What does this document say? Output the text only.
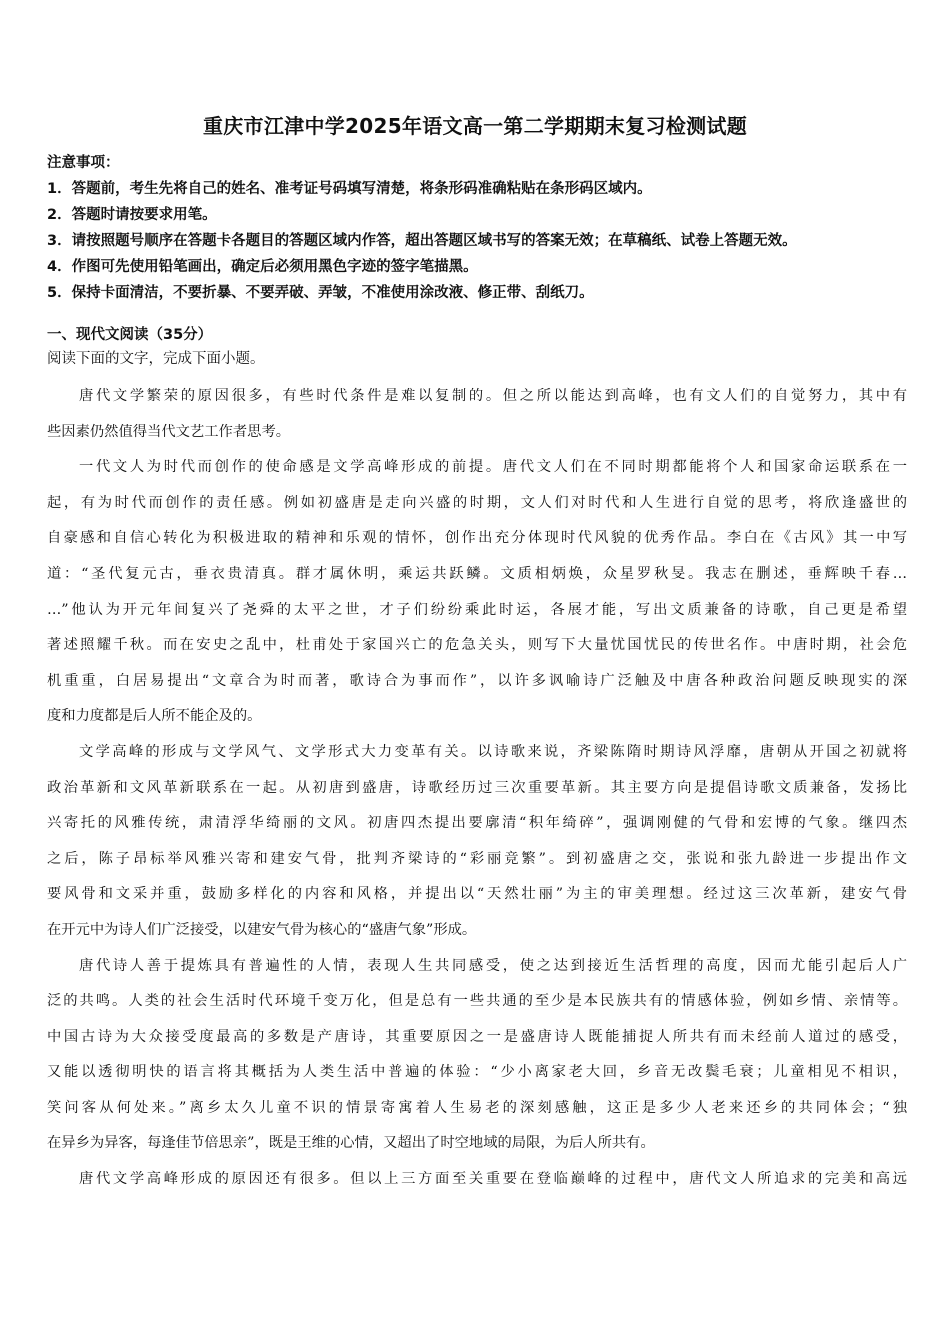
重庆市江津中学2025年语文高一第二学期期末复习检测试题
注意事项：
1．答题前，考生先将自己的姓名、准考证号码填写清楚，将条形码准确粘贴在条形码区域内。
2．答题时请按要求用笔。
3．请按照题号顺序在答题卡各题目的答题区域内作答，超出答题区域书写的答案无效；在草稿纸、试卷上答题无效。
4．作图可先使用铅笔画出，确定后必须用黑色字迹的签字笔描黑。
5．保持卡面清洁，不要折暴、不要弄破、弄皱，不准使用涂改液、修正带、刮纸刀。
一、现代文阅读（35分）
阅读下面的文字，完成下面小题。
唐代文学繁荣的原因很多，有些时代条件是难以复制的。但之所以能达到高峰，也有文人们的自觉努力，其中有
些因素仍然值得当代文艺工作者思考。
一代文人为时代而创作的使命感是文学高峰形成的前提。唐代文人们在不同时期都能将个人和国家命运联系在一
起，有为时代而创作的责任感。例如初盛唐是走向兴盛的时期，文人们对时代和人生进行自觉的思考，将欣逢盛世的
自豪感和自信心转化为积极进取的精神和乐观的情怀，创作出充分体现时代风貌的优秀作品。李白在《古风》其一中写
道：“圣代复元古，垂衣贵清真。群才属休明，乘运共跃鳞。文质相炳焕，众星罗秋旻。我志在删述，垂辉映千春…
…”他认为开元年间复兴了尧舜的太平之世，才子们纷纷乘此时运，各展才能，写出文质兼备的诗歌，自己更是希望
著述照耀千秋。而在安史之乱中，杜甫处于家国兴亡的危急关头，则写下大量忧国忧民的传世名作。中唐时期，社会危
机重重，白居易提出“文章合为时而著，歌诗合为事而作”，以许多讽喻诗广泛触及中唐各种政治问题反映现实的深
度和力度都是后人所不能企及的。
文学高峰的形成与文学风气、文学形式大力变革有关。以诗歌来说，齐梁陈隋时期诗风浮靡，唐朝从开国之初就将
政治革新和文风革新联系在一起。从初唐到盛唐，诗歌经历过三次重要革新。其主要方向是提倡诗歌文质兼备，发扬比
兴寄托的风雅传统，肃清浮华绮丽的文风。初唐四杰提出要廓清“积年绮碎”，强调刚健的气骨和宏博的气象。继四杰
之后，陈子昂标举风雅兴寄和建安气骨，批判齐梁诗的“彩丽竞繁”。到初盛唐之交，张说和张九龄进一步提出作文
要风骨和文采并重，鼓励多样化的内容和风格，并提出以“天然壮丽”为主的审美理想。经过这三次革新，建安气骨
在开元中为诗人们广泛接受，以建安气骨为核心的“盛唐气象”形成。
唐代诗人善于提炼具有普遍性的人情，表现人生共同感受，使之达到接近生活哲理的高度，因而尤能引起后人广
泛的共鸣。人类的社会生活时代环境千变万化，但是总有一些共通的至少是本民族共有的情感体验，例如乡情、亲情等。
中国古诗为大众接受度最高的多数是产唐诗，其重要原因之一是盛唐诗人既能捕捉人所共有而未经前人道过的感受，
又能以透彻明快的语言将其概括为人类生活中普遍的体验：“少小离家老大回，乡音无改鬓毛衰；儿童相见不相识，
笑问客从何处来。”离乡太久儿童不识的情景寄寓着人生易老的深刻感触，这正是多少人老来还乡的共同体会；“独
在异乡为异客，每逢佳节倍思亲”，既是王维的心情，又超出了时空地域的局限，为后人所共有。
唐代文学高峰形成的原因还有很多。但以上三方面至关重要在登临巅峰的过程中，唐代文人所追求的完美和高远
